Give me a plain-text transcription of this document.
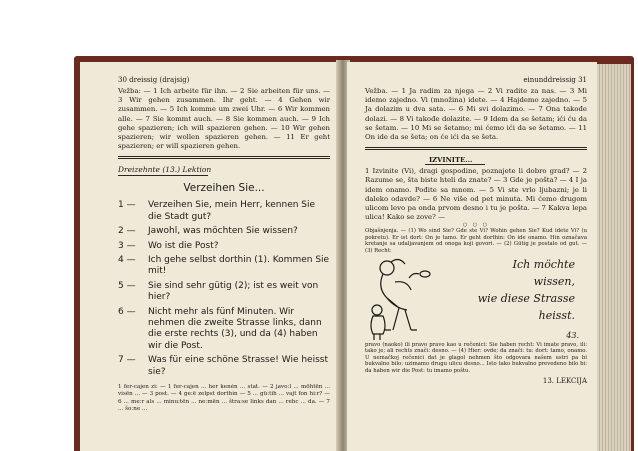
30 dreissig (drajsig)
Vežba: — 1 Ich arbeite für ihn. — 2 Sie arbeiten für uns. — 3 Wir gehen zusammen. Ihr geht. — 4 Gehen wir zusammen. — 5 Ich komme um zwei Uhr. — 6 Wir kommen alle. — 7 Sie kommt auch. — 8 Sie kommen auch. — 9 Ich gehe spazieren; ich will spazieren gehen. — 10 Wir gehen spazieren; wir wollen spazieren gehen. — 11 Er geht spazieren; er will spazieren gehen.
Dreizehnte (13.) Lektion
Verzeihen Sie...
1 —	Verzeihen Sie, mein Herr, kennen Sie die Stadt gut?
2 —	Jawohl, was möchten Sie wissen?
3 —	Wo ist die Post?
4 —	Ich gehe selbst dorthin (1). Kommen Sie mit!
5 —	Sie sind sehr gütig (2); ist es weit von hier?
6 —	Nicht mehr als fünf Minuten. Wir nehmen die zweite Strasse links, dann die erste rechts (3), und da (4) haben wir die Post.
7 —	Was für eine schöne Strasse! Wie heisst sie?
1 fer-cajen zi: — 1 fer-cajen ... her kenėn ... stat. — 2 javo:l ... möhtën ... visën ... — 3 post. — 4 ge:ë zelpst dorthin — 5 ... gü:tih ... vajt fon hi:r? — 6 ... me:r als ... minu:tën ... ne:mën ... štra:se links dan ... rehc ... da. — 7 ... šo:ne ...
einunddreissig 31
Vežba. — 1 Ja radim za njega — 2 Vi radite za nas. — 3 Mi idemo zajedno. Vi (množina) idete. — 4 Hajdemo zajedno. — 5 Ja dolazim u dva sata. — 6 Mi svi dolazimo. — 7 Ona takođe dolazi. — 8 Vi takođe dolazite. — 9 Idem da se šetam; ići ću da se šetam. — 10 Mi se šetamo; mi ćemo ići da se šetamo. — 11 On ide da se šeta; on će ići da se šeta.
IZVINITE...
1 Izvinite (Vi), dragi gospodine, poznajete li dobro grad? — 2 Razume se, šta biste hteli da znate? — 3 Gde je pošta? — 4 I ja idem onamo. Pođite sa mnom. — 5 Vi ste vrlo ljubazni; je li daleko odavde? — 6 Ne više od pet minuta. Mi ćemo drugom ulicom levo pa onda prvom desno i tu je pošta. — 7 Kakva lepa ulica! Kako se zove? —
○ ○ ○
Objašnjenja. — (1) Wo sind Sie? Gde ste Vi? Wohin gehen Sie? Kud idete Vi? (u pokretu). Er ist dort: On je tamo. Er geht dorthin: On ide onamo. Hin označava kretanje sa udaljavanjem od onoga koji govori. — (2) Gütig je postalo od gut. — (3) Recht:
Ich möchte
wissen,
wie diese Strasse
heisst.
43.
pravo (naoko) ili pravo pravo kao u rečenici: Sie haben recht: Vi imate pravo, ili: tako je; ali rechts znači: desno. — (4) Hier: ovde; da znači: tu: dort: tamo, onamo. U nemačkoj rečenici dat je glagol nehmen što odgovara našem ustri pa bi bukvalno bilo: uzimamo drugu ulicu desno... Isto tako bukvalno prevedeno bilo bi: da haben wir die Post: tu imamo poštu.
13. LEKCIJA
